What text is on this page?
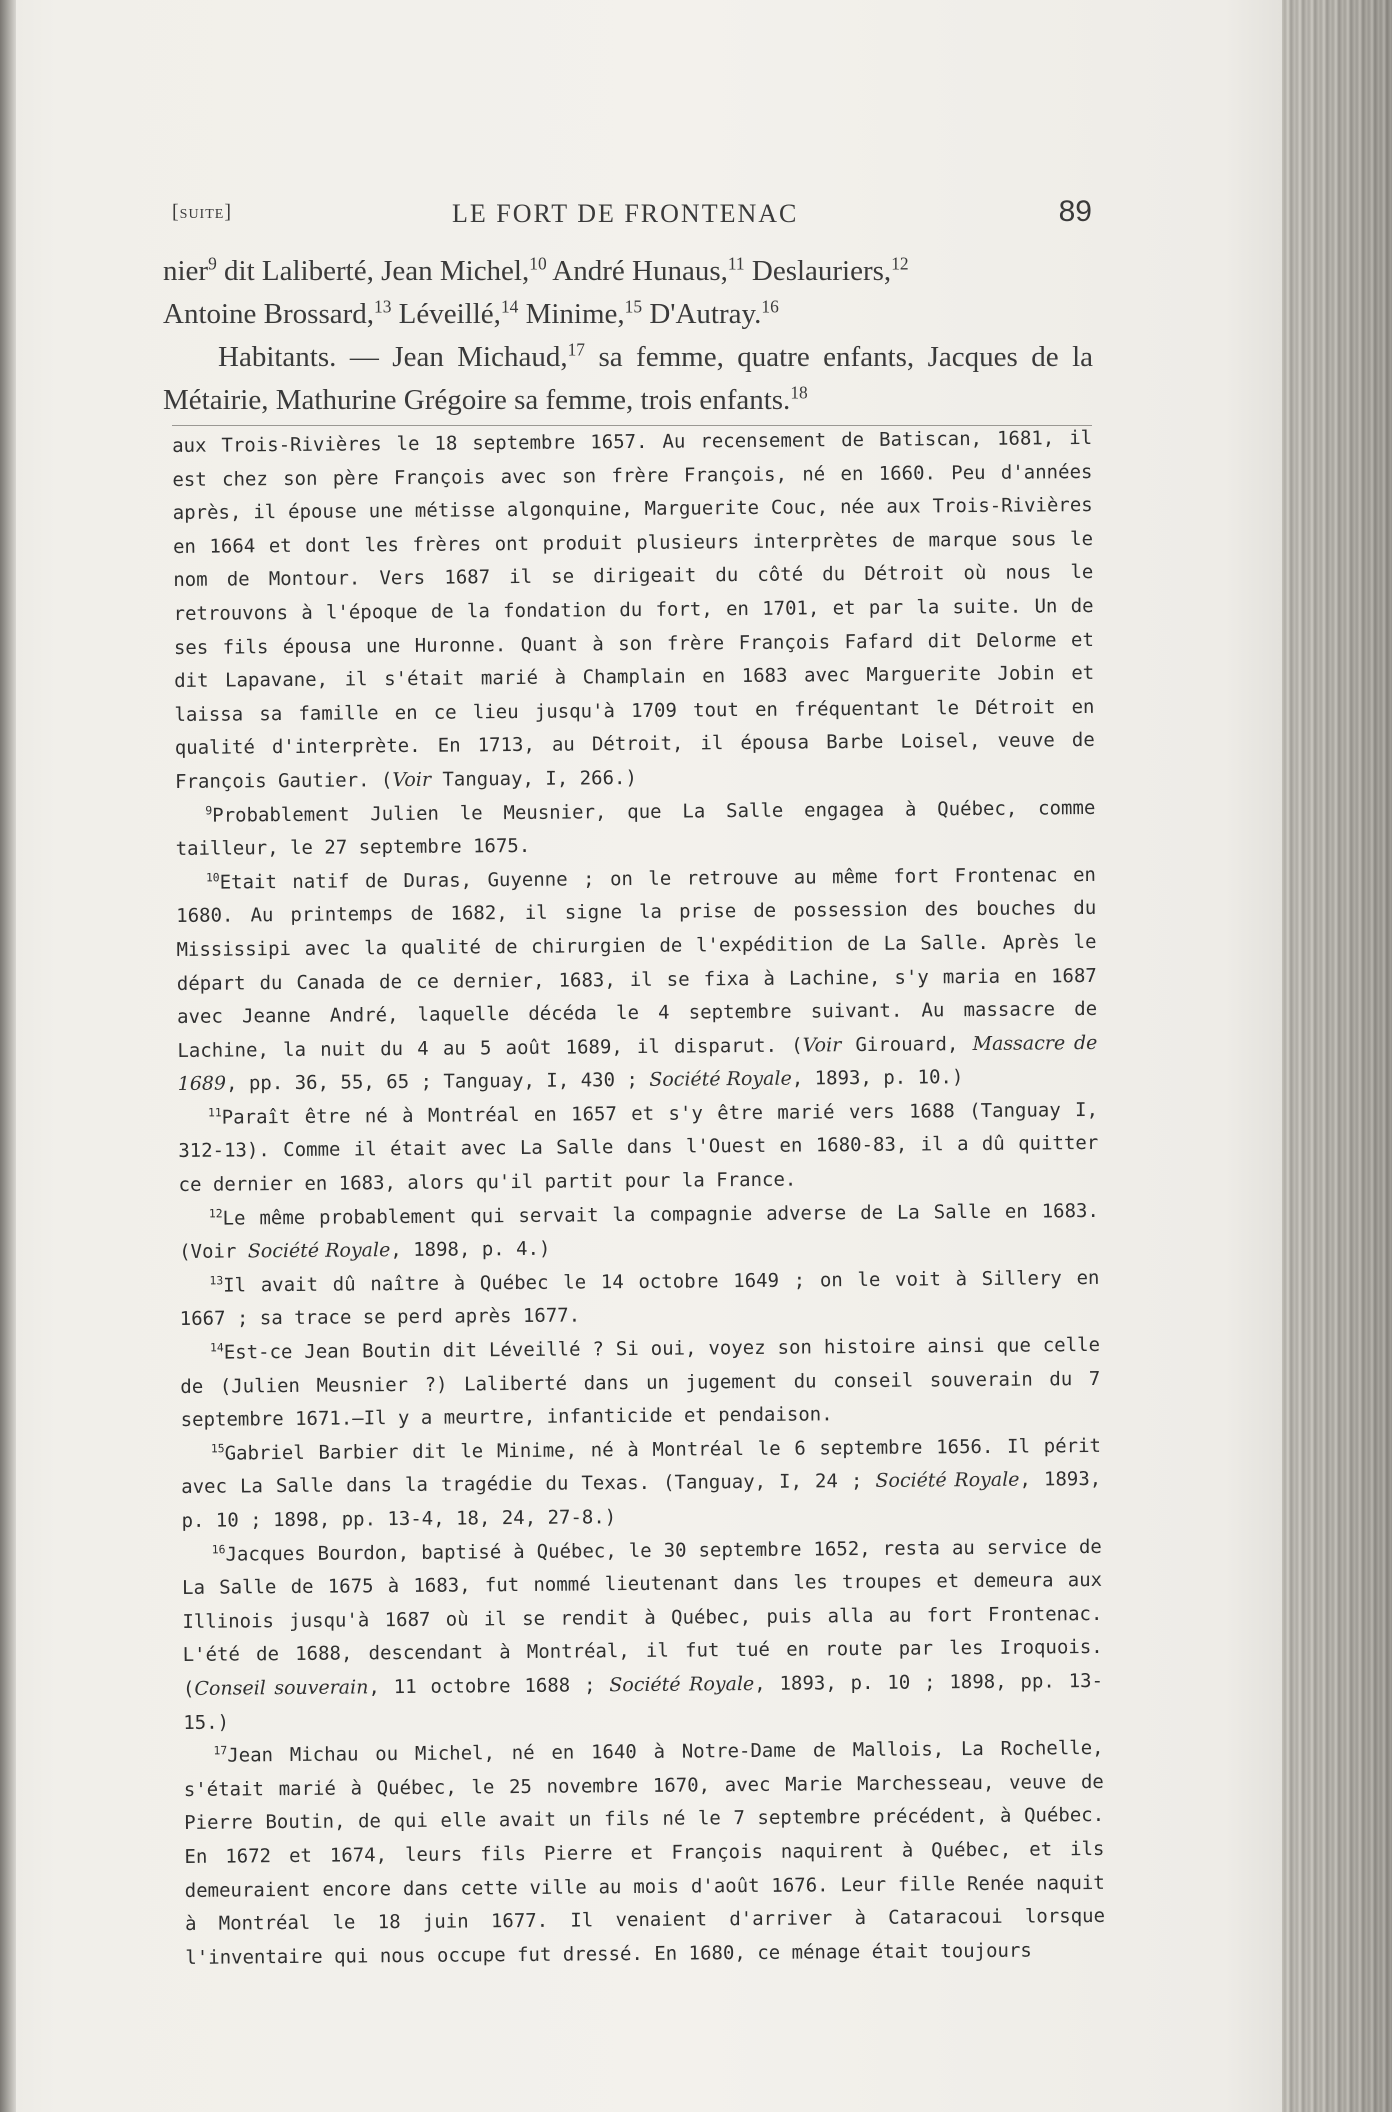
[suite]	LE FORT DE FRONTENAC	89

nier$^9$ dit Laliberté, Jean Michel,$^{10}$ André Hunaus,$^{11}$ Deslauriers,$^{12}$

Antoine Brossard,$^{13}$ Léveillé,$^{14}$ Minime,$^{15}$ D'Autray.$^{16}$

Habitants. — Jean Michaud,$^{17}$ sa femme, quatre enfants, Jacques de la Métairie, Mathurine Grégoire sa femme, trois enfants.$^{18}$

aux Trois-Rivières le 18 septembre 1657. Au recensement de Batiscan, 1681, il est chez son père François avec son frère François, né en 1660. Peu d'années après, il épouse une métisse algonquine, Marguerite Couc, née aux Trois-Rivières en 1664 et dont les frères ont produit plusieurs interprètes de marque sous le nom de Montour. Vers 1687 il se dirigeait du côté du Détroit où nous le retrouvons à l'époque de la fondation du fort, en 1701, et par la suite. Un de ses fils épousa une Huronne. Quant à son frère François Fafard dit Delorme et dit Lapavane, il s'était marié à Champlain en 1683 avec Marguerite Jobin et laissa sa famille en ce lieu jusqu'à 1709 tout en fréquentant le Détroit en qualité d'interprète. En 1713, au Détroit, il épousa Barbe Loisel, veuve de François Gautier. (Voir Tanguay, I, 266.)

$^9$Probablement Julien le Meusnier, que La Salle engagea à Québec, comme tailleur, le 27 septembre 1675.

$^{10}$Etait natif de Duras, Guyenne ; on le retrouve au même fort Frontenac en 1680. Au printemps de 1682, il signe la prise de possession des bouches du Mississipi avec la qualité de chirurgien de l'expédition de La Salle. Après le départ du Canada de ce dernier, 1683, il se fixa à Lachine, s'y maria en 1687 avec Jeanne André, laquelle décéda le 4 septembre suivant. Au massacre de Lachine, la nuit du 4 au 5 août 1689, il disparut. (Voir Girouard, Massacre de 1689, pp. 36, 55, 65 ; Tanguay, I, 430 ; Société Royale, 1893, p. 10.)

$^{11}$Paraît être né à Montréal en 1657 et s'y être marié vers 1688 (Tanguay I, 312-13). Comme il était avec La Salle dans l'Ouest en 1680-83, il a dû quitter ce dernier en 1683, alors qu'il partit pour la France.

$^{12}$Le même probablement qui servait la compagnie adverse de La Salle en 1683. (Voir Société Royale, 1898, p. 4.)

$^{13}$Il avait dû naître à Québec le 14 octobre 1649 ; on le voit à Sillery en 1667 ; sa trace se perd après 1677.

$^{14}$Est-ce Jean Boutin dit Léveillé ? Si oui, voyez son histoire ainsi que celle de (Julien Meusnier ?) Laliberté dans un jugement du conseil souverain du 7 septembre 1671.—Il y a meurtre, infanticide et pendaison.

$^{15}$Gabriel Barbier dit le Minime, né à Montréal le 6 septembre 1656. Il périt avec La Salle dans la tragédie du Texas. (Tanguay, I, 24 ; Société Royale, 1893, p. 10 ; 1898, pp. 13-4, 18, 24, 27-8.)

$^{16}$Jacques Bourdon, baptisé à Québec, le 30 septembre 1652, resta au service de La Salle de 1675 à 1683, fut nommé lieutenant dans les troupes et demeura aux Illinois jusqu'à 1687 où il se rendit à Québec, puis alla au fort Frontenac. L'été de 1688, descendant à Montréal, il fut tué en route par les Iroquois. (Conseil souverain, 11 octobre 1688 ; Société Royale, 1893, p. 10 ; 1898, pp. 13-15.)

$^{17}$Jean Michau ou Michel, né en 1640 à Notre-Dame de Mallois, La Rochelle, s'était marié à Québec, le 25 novembre 1670, avec Marie Marchesseau, veuve de Pierre Boutin, de qui elle avait un fils né le 7 septembre précédent, à Québec. En 1672 et 1674, leurs fils Pierre et François naquirent à Québec, et ils demeuraient encore dans cette ville au mois d'août 1676. Leur fille Renée naquit à Montréal le 18 juin 1677. Il venaient d'arriver à Cataracoui lorsque l'inventaire qui nous occupe fut dressé. En 1680, ce ménage était toujours
